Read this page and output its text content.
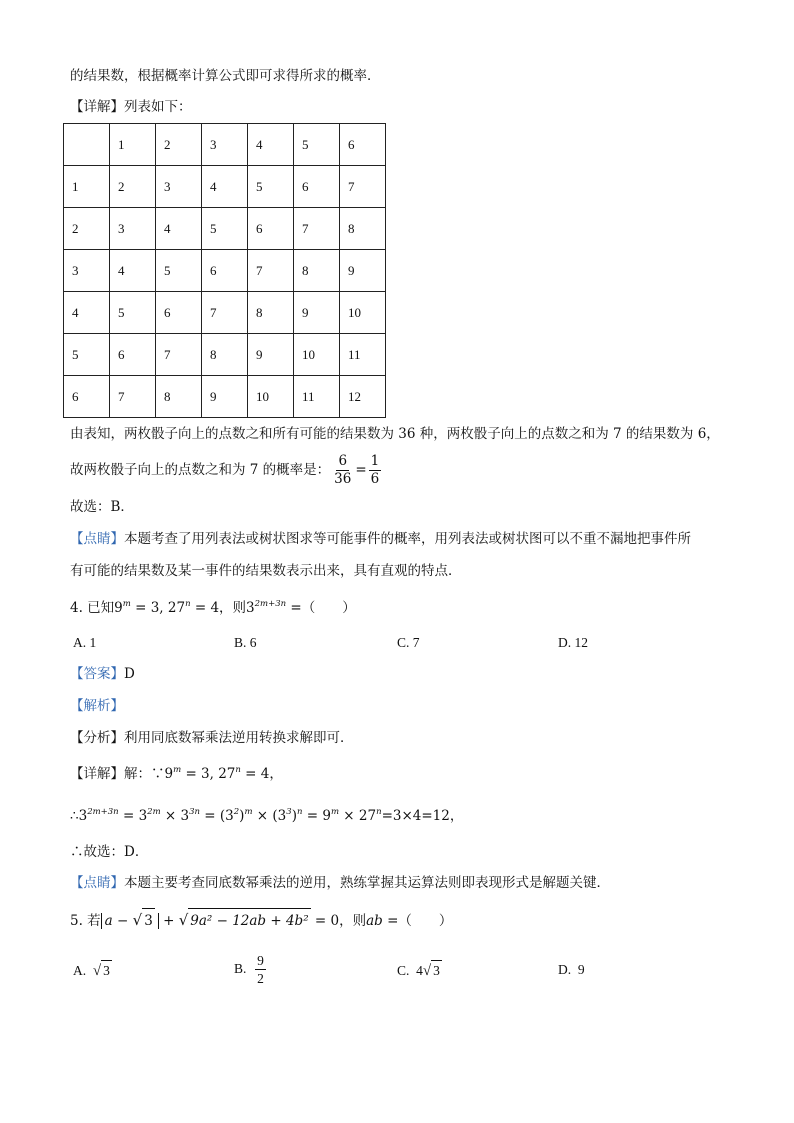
的结果数，根据概率计算公式即可求得所求的概率．
【详解】列表如下：
	1	2	3	4	5	6
1	2	3	4	5	6	7
2	3	4	5	6	7	8
3	4	5	6	7	8	9
4	5	6	7	8	9	10
5	6	7	8	9	10	11
6	7	8	9	10	11	12
由表知，两枚骰子向上的点数之和所有可能的结果数为 36 种，两枚骰子向上的点数之和为 7 的结果数为 6，
故两枚骰子向上的点数之和为 7 的概率是： $\frac{6}{36} = \frac{1}{6}$
故选：B．
【点睛】本题考查了用列表法或树状图求等可能事件的概率，用列表法或树状图可以不重不漏地把事件所
有可能的结果数及某一事件的结果数表示出来，具有直观的特点．
4. 已知$9^m = 3$, $27^n = 4$，则$3^{2m+3n}$ =（　　）
A. 1	B. 6	C. 7	D. 12
【答案】D
【解析】
【分析】利用同底数幂乘法逆用转换求解即可．
【详解】解：$\because 9^m = 3$, $27^n = 4$，
$\therefore 3^{2m+3n} = 3^{2m} \times 3^{3n} = (3^2)^m \times (3^3)^n = 9^m \times 27^n=3\times 4=12$，
∴故选：D．
【点睛】本题主要考查同底数幂乘法的逆用，熟练掌握其运算法则即表现形式是解题关键．
5. 若 a − √ 3 + √ 9a² − 12ab + 4b² = 0，则ab =（　　）
A. √ 3	B. $\frac{9}{2}$	C. 4√ 3	D. 9
